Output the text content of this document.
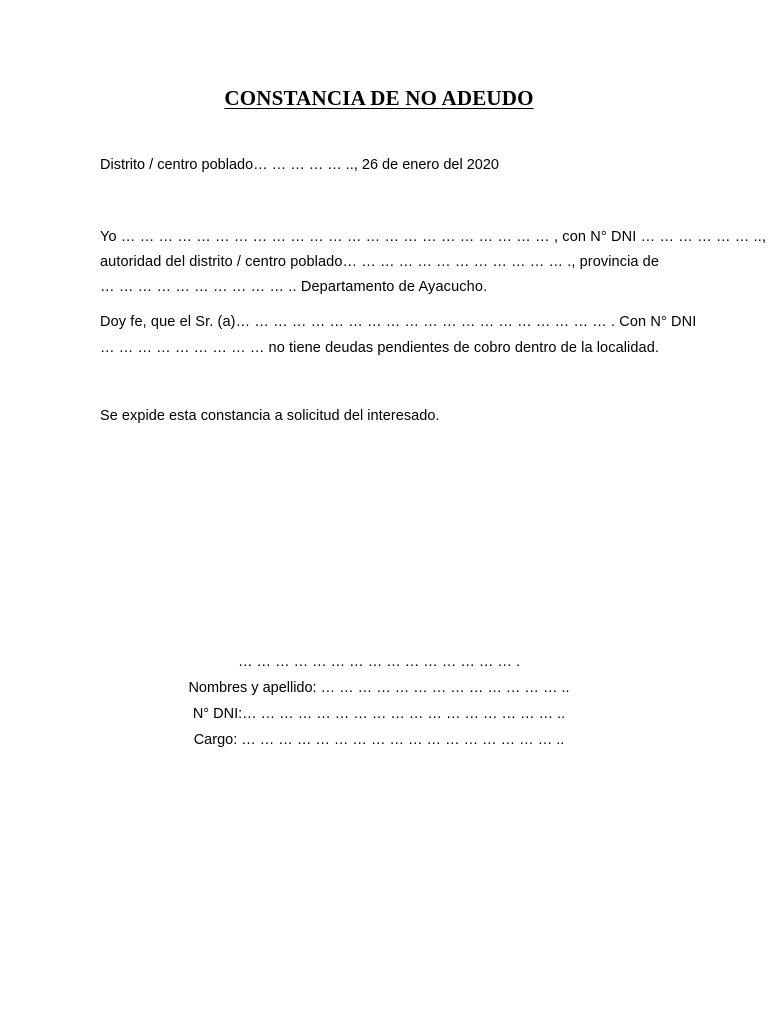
CONSTANCIA DE NO ADEUDO
Distrito / centro poblado… … … … … .., 26 de enero del 2020
Yo … … … … … … … … … … … … … … … … … … … … … … … , con N° DNI … … … … … … ..,
autoridad del distrito / centro poblado… … … … … … … … … … … … ., provincia de
… … … … … … … … … … .. Departamento de Ayacucho.
Doy fe, que el Sr. (a)… … … … … … … … … … … … … … … … … … … … . Con N° DNI
… … … … … … … … … no tiene deudas pendientes de cobro dentro de la localidad.
Se expide esta constancia a solicitud del interesado.
… … … … … … … … … … … … … … … .
Nombres y apellido: … … … … … … … … … … … … … ..
N° DNI:… … … … … … … … … … … … … … … … … ..
Cargo: … … … … … … … … … … … … … … … … … ..
